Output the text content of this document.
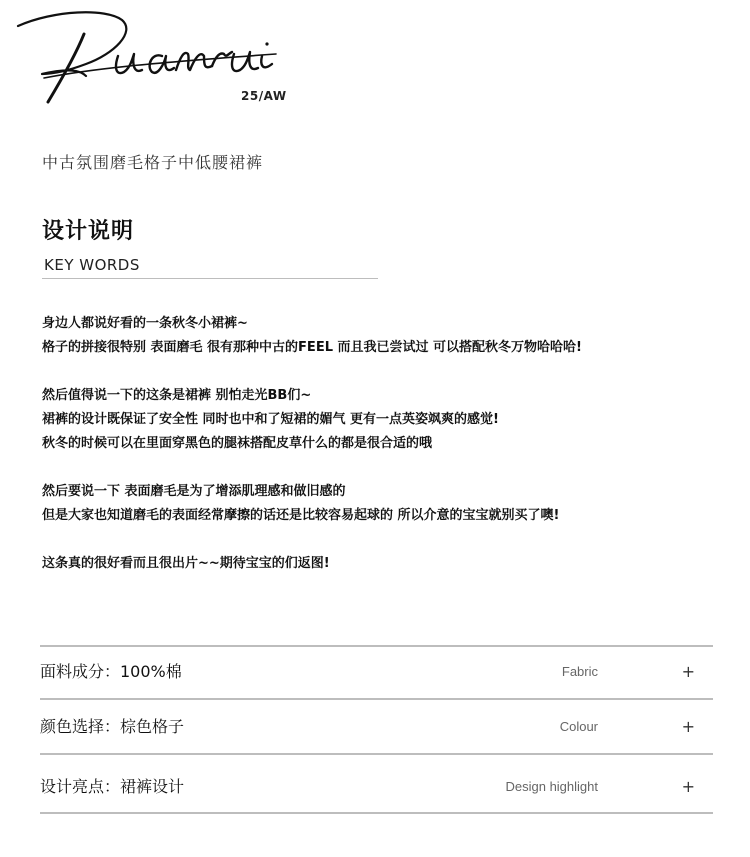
25/AW
中古氛围磨毛格子中低腰裙裤
设计说明
KEY WORDS
身边人都说好看的一条秋冬小裙裤~
格子的拼接很特别 表面磨毛 很有那种中古的FEEL 而且我已尝试过 可以搭配秋冬万物哈哈哈!
然后值得说一下的这条是裙裤 别怕走光BB们~
裙裤的设计既保证了安全性 同时也中和了短裙的媚气 更有一点英姿飒爽的感觉!
秋冬的时候可以在里面穿黑色的腿袜搭配皮草什么的都是很合适的哦
然后要说一下 表面磨毛是为了增添肌理感和做旧感的
但是大家也知道磨毛的表面经常摩擦的话还是比较容易起球的 所以介意的宝宝就别买了噢!
这条真的很好看而且很出片~~期待宝宝的们返图!
面料成分：100%棉	Fabric	+
颜色选择：棕色格子	Colour	+
设计亮点：裙裤设计	Design highlight	+
